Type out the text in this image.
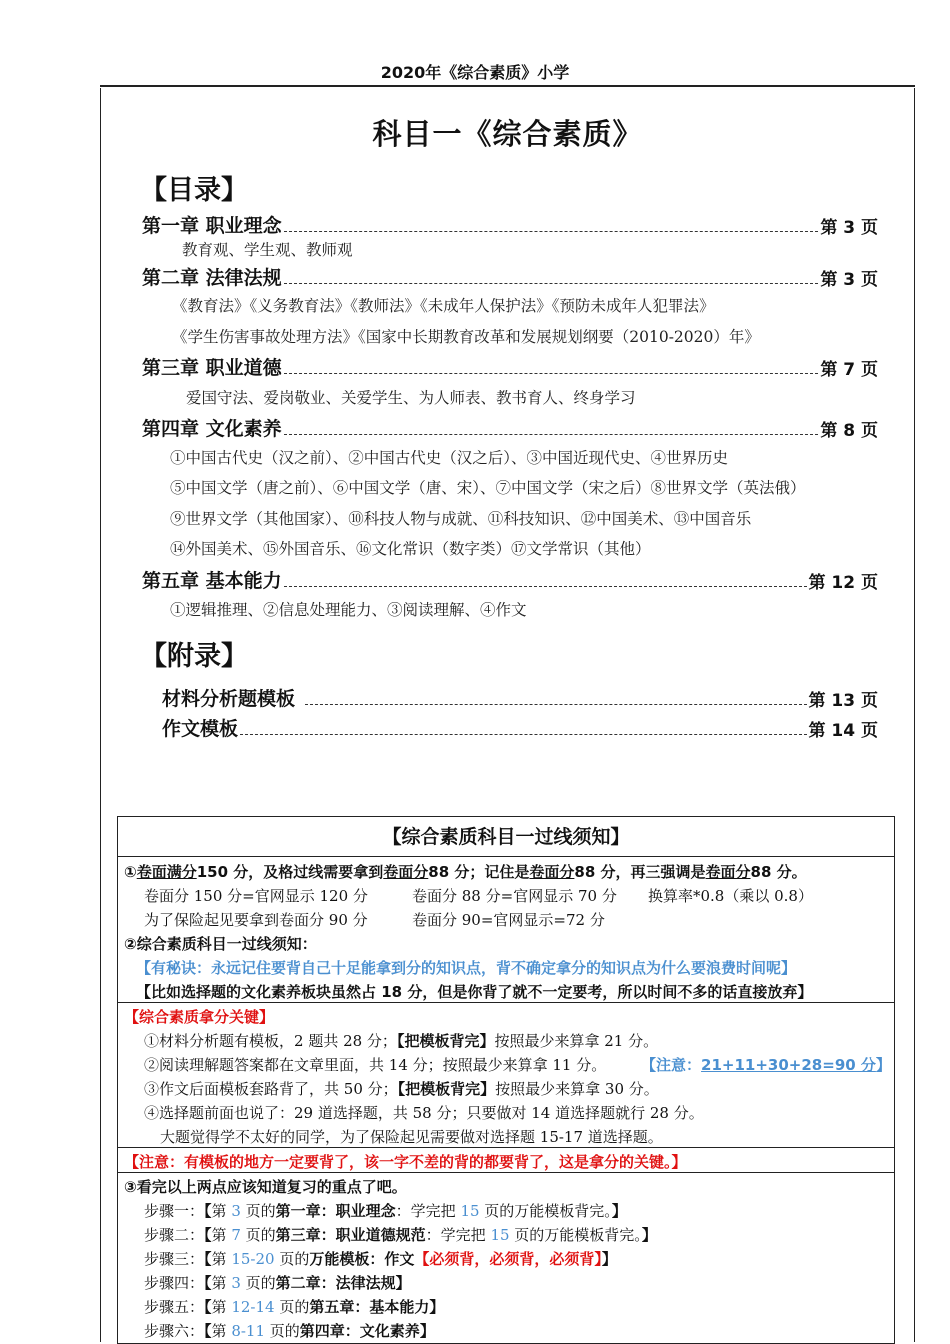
2020年《综合素质》小学
科目一《综合素质》
【目录】
第一章 职业理念	第 3 页
教育观、学生观、教师观
第二章 法律法规	第 3 页
《教育法》《义务教育法》《教师法》《未成年人保护法》《预防未成年人犯罪法》
《学生伤害事故处理方法》《国家中长期教育改革和发展规划纲要（2010-2020）年》
第三章 职业道德	第 7 页
爱国守法、爱岗敬业、关爱学生、为人师表、教书育人、终身学习
第四章 文化素养	第 8 页
①中国古代史（汉之前）、②中国古代史（汉之后）、③中国近现代史、④世界历史
⑤中国文学（唐之前）、⑥中国文学（唐、宋）、⑦中国文学（宋之后）⑧世界文学（英法俄）
⑨世界文学（其他国家）、⑩科技人物与成就、⑪科技知识、⑫中国美术、⑬中国音乐
⑭外国美术、⑮外国音乐、⑯文化常识（数字类）⑰文学常识（其他）
第五章 基本能力	第 12 页
①逻辑推理、②信息处理能力、③阅读理解、④作文
【附录】
材料分析题模板	第 13 页
作文模板	第 14 页
【综合素质科目一过线须知】
①卷面满分150 分，及格过线需要拿到卷面分88 分；记住是卷面分88 分，再三强调是卷面分88 分。
卷面分 150 分=官网显示 120 分	卷面分 88 分=官网显示 70 分 换算率*0.8（乘以 0.8）
为了保险起见要拿到卷面分 90 分	卷面分 90=官网显示=72 分
②综合素质科目一过线须知：
【有秘诀：永远记住要背自己十足能拿到分的知识点，背不确定拿分的知识点为什么要浪费时间呢】
【比如选择题的文化素养板块虽然占 18 分，但是你背了就不一定要考，所以时间不多的话直接放弃】
【综合素质拿分关键】
①材料分析题有模板，2 题共 28 分；【把模板背完】按照最少来算拿 21 分。
②阅读理解题答案都在文章里面，共 14 分；按照最少来算拿 11 分。 【注意：21+11+30+28=90 分】
③作文后面模板套路背了，共 50 分；【把模板背完】按照最少来算拿 30 分。
④选择题前面也说了：29 道选择题，共 58 分；只要做对 14 道选择题就行 28 分。
大题觉得学不太好的同学，为了保险起见需要做对选择题 15-17 道选择题。
【注意：有模板的地方一定要背了，该一字不差的背的都要背了，这是拿分的关键。】
③看完以上两点应该知道复习的重点了吧。
步骤一：【第 3 页的第一章：职业理念：学完把 15 页的万能模板背完。】
步骤二：【第 7 页的第三章：职业道德规范：学完把 15 页的万能模板背完。】
步骤三：【第 15-20 页的万能模板：作文【必须背，必须背，必须背】】
步骤四：【第 3 页的第二章：法律法规】
步骤五：【第 12-14 页的第五章：基本能力】
步骤六：【第 8-11 页的第四章：文化素养】
